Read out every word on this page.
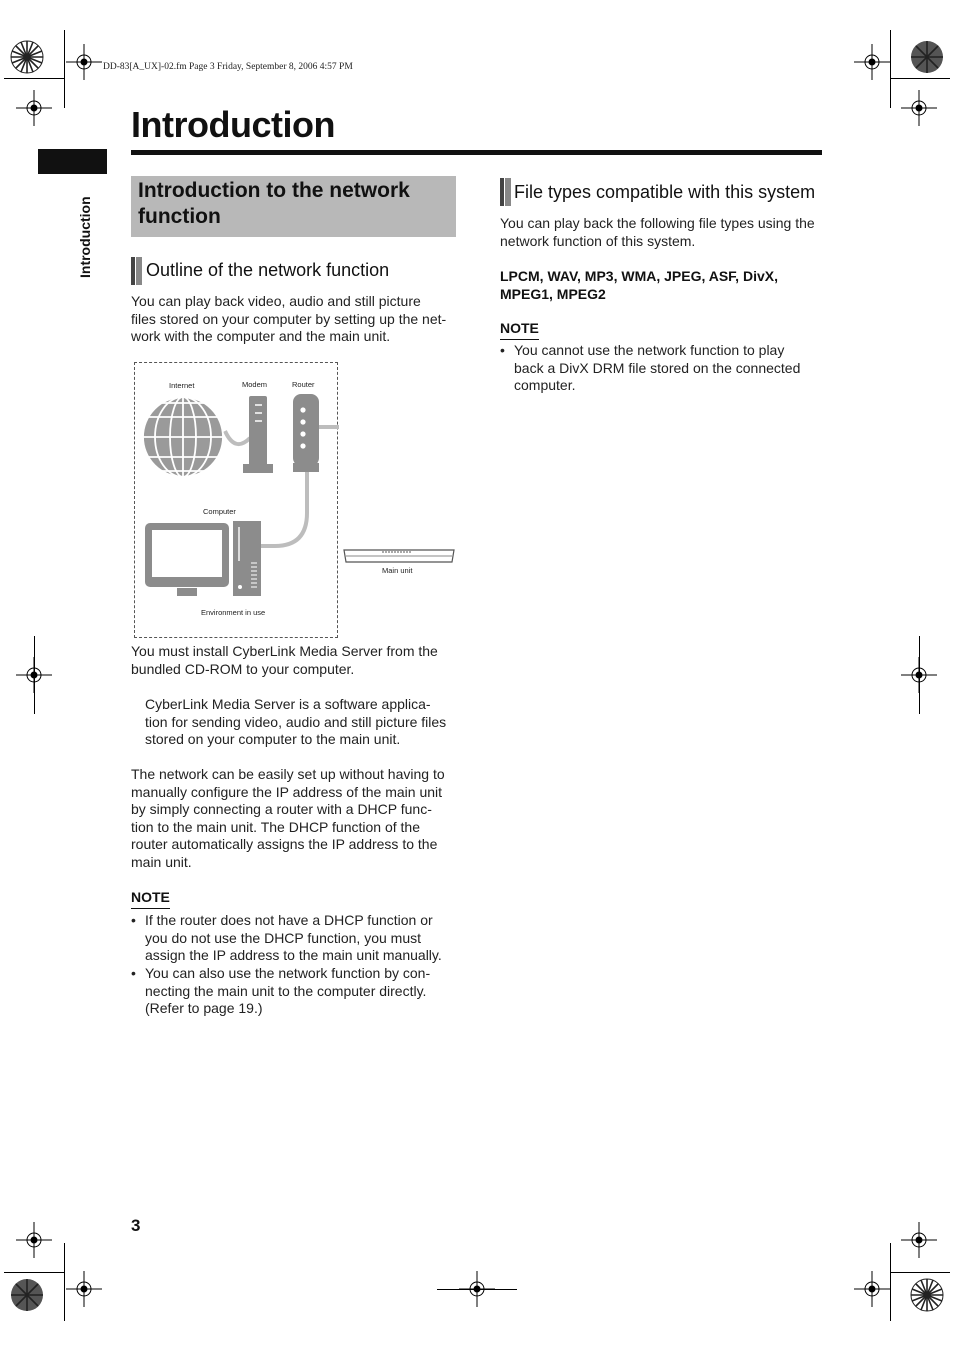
DD-83[A_UX]-02.fm Page 3 Friday, September 8, 2006 4:57 PM
Introduction
Introduction
Introduction to the network function
Outline of the network function
You can play back video, audio and still picture
files stored on your computer by setting up the net-
work with the computer and the main unit.
Internet	Modem	Router
Computer
Environment in use
Main unit
You must install CyberLink Media Server from the
bundled CD-ROM to your computer.
CyberLink Media Server is a software applica-
tion for sending video, audio and still picture files
stored on your computer to the main unit.
The network can be easily set up without having to
manually configure the IP address of the main unit
by simply connecting a router with a DHCP func-
tion to the main unit. The DHCP function of the
router automatically assigns the IP address to the
main unit.
NOTE
• If the router does not have a DHCP function or
you do not use the DHCP function, you must
assign the IP address to the main unit manually.
• You can also use the network function by con-
necting the main unit to the computer directly.
(Refer to page 19.)
File types compatible with this system
You can play back the following file types using the
network function of this system.
LPCM, WAV, MP3, WMA, JPEG, ASF, DivX,
MPEG1, MPEG2
NOTE
• You cannot use the network function to play
back a DivX DRM file stored on the connected
computer.
3
